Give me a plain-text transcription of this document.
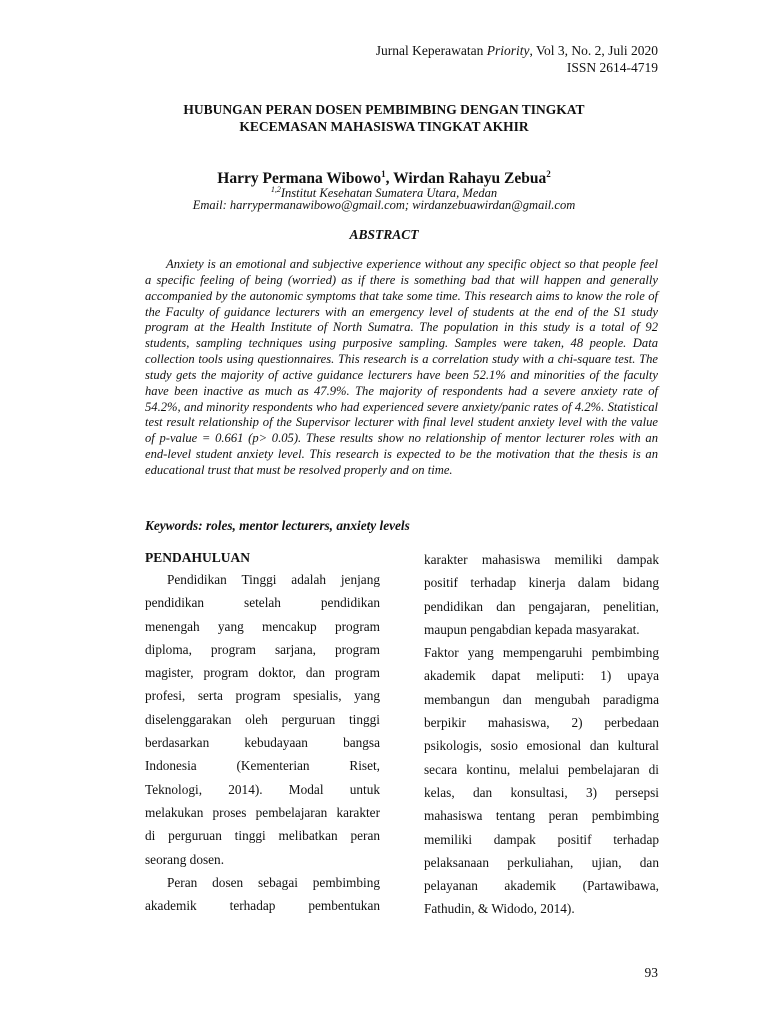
Jurnal Keperawatan Priority, Vol 3, No. 2, Juli 2020
ISSN 2614-4719
HUBUNGAN PERAN DOSEN PEMBIMBING DENGAN TINGKAT
KECEMASAN MAHASISWA TINGKAT AKHIR
Harry Permana Wibowo$^1$, Wirdan Rahayu Zebua$^2$
$^{1,2}$Institut Kesehatan Sumatera Utara, Medan
Email: harrypermanawibowo@gmail.com; wirdanzebuawirdan@gmail.com
ABSTRACT

Anxiety is an emotional and subjective experience without any specific object so that people feel a specific feeling of being (worried) as if there is something bad that will happen and generally accompanied by the autonomic symptoms that take some time. This research aims to know the role of the Faculty of guidance lecturers with an emergency level of students at the end of the S1 study program at the Health Institute of North Sumatra. The population in this study is a total of 92 students, sampling techniques using purposive sampling. Samples were taken, 48 people. Data collection tools using questionnaires. This research is a correlation study with a chi-square test. The study gets the majority of active guidance lecturers have been 52.1% and minorities of the faculty have been inactive as much as 47.9%. The majority of respondents had a severe anxiety rate of 54.2%, and minority respondents who had experienced severe anxiety/panic rates of 4.2%. Statistical test result relationship of the Supervisor lecturer with final level student anxiety level with the value of p-value = 0.661 (p> 0.05). These results show no relationship of mentor lecturer roles with an end-level student anxiety level. This research is expected to be the motivation that the thesis is an educational trust that must be resolved properly and on time.

Keywords: roles, mentor lecturers, anxiety levels
PENDAHULUAN

Pendidikan Tinggi adalah jenjang
pendidikan setelah pendidikan
menengah yang mencakup program
diploma, program sarjana, program
magister, program doktor, dan program
profesi, serta program spesialis, yang
diselenggarakan oleh perguruan tinggi
berdasarkan kebudayaan bangsa
Indonesia (Kementerian Riset,
Teknologi, 2014). Modal untuk
melakukan proses pembelajaran karakter
di perguruan tinggi melibatkan peran
seorang dosen.

Peran dosen sebagai pembimbing
akademik terhadap pembentukan

karakter mahasiswa memiliki dampak
positif terhadap kinerja dalam bidang
pendidikan dan pengajaran, penelitian,
maupun pengabdian kepada masyarakat.
Faktor yang mempengaruhi pembimbing
akademik dapat meliputi: 1) upaya
membangun dan mengubah paradigma
berpikir mahasiswa, 2) perbedaan
psikologis, sosio emosional dan kultural
secara kontinu, melalui pembelajaran di
kelas, dan konsultasi, 3) persepsi
mahasiswa tentang peran pembimbing
memiliki dampak positif terhadap
pelaksanaan perkuliahan, ujian, dan
pelayanan akademik (Partawibawa,
Fathudin, & Widodo, 2014).

93
